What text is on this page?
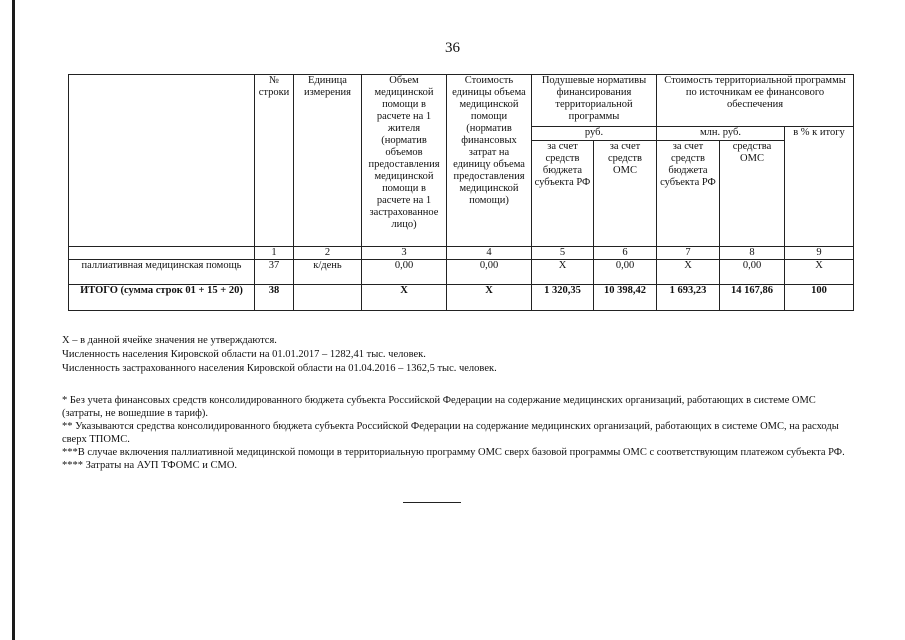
36
	№ строки	Единица измерения	Объем медицинской помощи в расчете на 1 жителя (норматив объемов предоставления медицинской помощи в расчете на 1 застрахованное лицо)	Стоимость единицы объема медицинской помощи (норматив финансовых затрат на единицу объема предоставления медицинской помощи)	Подушевые нормативы финансирования территориальной программы		Стоимость территориальной программы по источникам ее финансового обеспечения		
					руб.		млн. руб.		в % к итогу
					за счет средств бюджета субъекта РФ	за счет средств ОМС	за счет средств бюджета субъекта РФ	средства ОМС	
	1	2	3	4	5	6	7	8	9
паллиативная медицинская помощь	37	к/день	0,00	0,00	Х	0,00	Х	0,00	Х
ИТОГО (сумма строк 01 + 15 + 20)	38		Х	Х	1 320,35	10 398,42	1 693,23	14 167,86	100
Х – в данной ячейке значения не утверждаются.
Численность населения Кировской области на 01.01.2017 – 1282,41 тыс. человек.
Численность застрахованного населения Кировской области на 01.04.2016 – 1362,5 тыс. человек.

* Без учета финансовых средств консолидированного бюджета субъекта Российской Федерации на содержание медицинских организаций, работающих в системе ОМС (затраты, не вошедшие в тариф).

** Указываются средства консолидированного бюджета субъекта Российской Федерации на содержание медицинских организаций, работающих в системе ОМС, на расходы сверх ТПОМС.

***В случае включения паллиативной медицинской помощи в территориальную программу ОМС сверх базовой программы ОМС с соответствующим платежом субъекта РФ.

**** Затраты на АУП ТФОМС и СМО.
